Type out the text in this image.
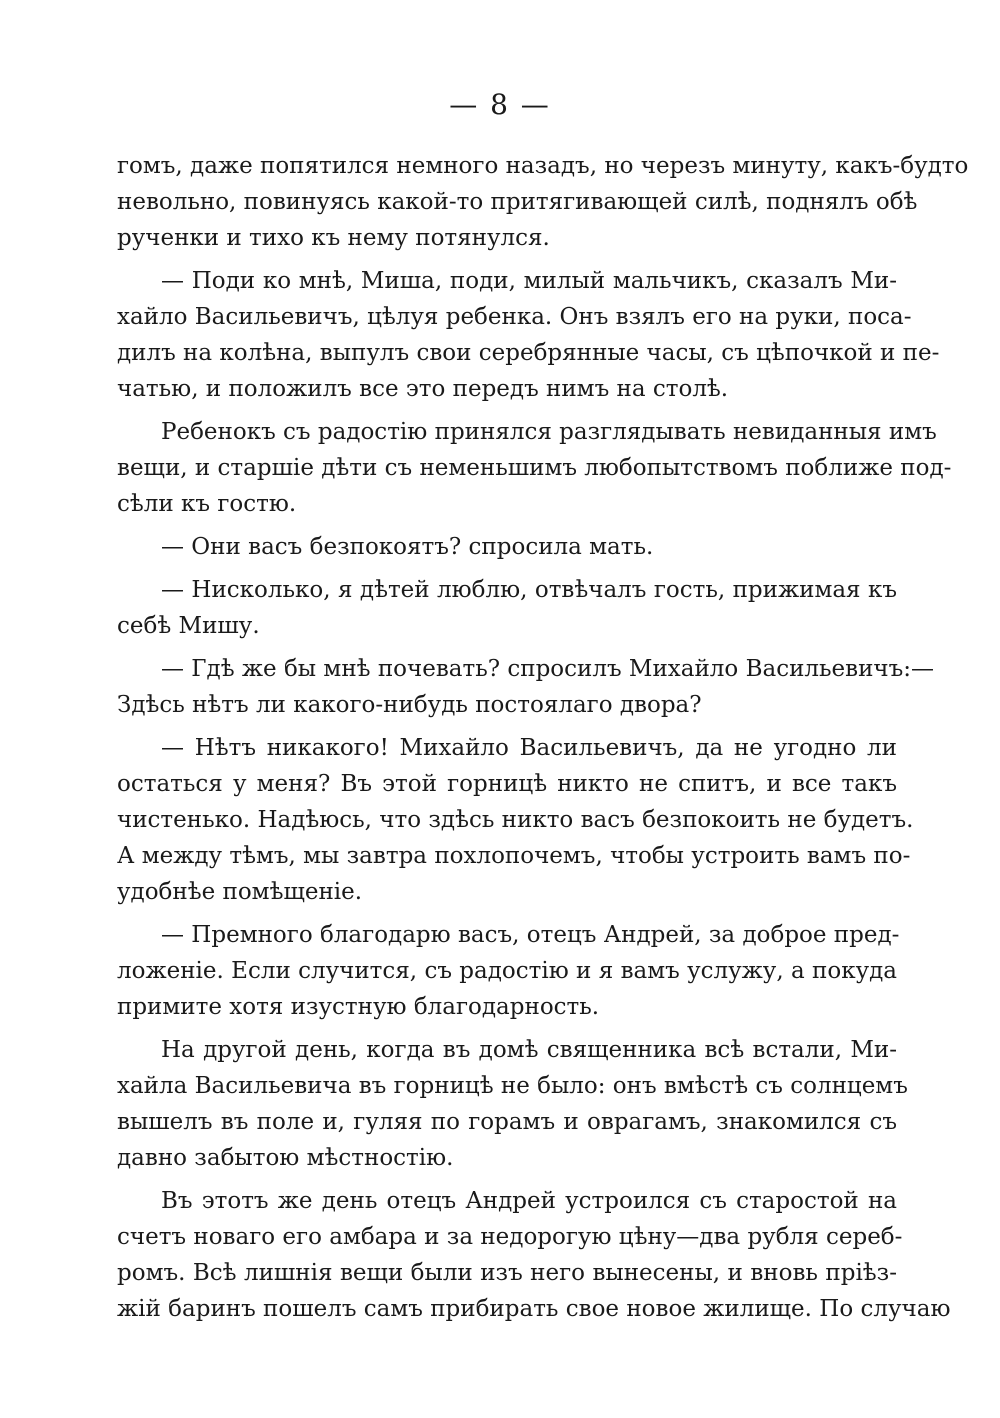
— 8 —
гомъ, даже попятился немного назадъ, но черезъ минуту, какъ-будто
невольно, повинуясь какой-то притягивающей силѣ, поднялъ обѣ
рученки и тихо къ нему потянулся.
— Поди ко мнѣ, Миша, поди, милый мальчикъ, сказалъ Ми-
хайло Васильевичъ, цѣлуя ребенка. Онъ взялъ его на руки, поса-
дилъ на колѣна, выпулъ свои серебрянные часы, съ цѣпочкой и пе-
чатью, и положилъ все это передъ нимъ на столѣ.
Ребенокъ съ радостію принялся разглядывать невиданныя имъ
вещи, и старшіе дѣти съ неменьшимъ любопытствомъ поближе под-
сѣли къ гостю.
— Они васъ безпокоятъ? спросила мать.
— Нисколько, я дѣтей люблю, отвѣчалъ гость, прижимая къ
себѣ Мишу.
— Гдѣ же бы мнѣ почевать? спросилъ Михайло Васильевичъ:—
Здѣсь нѣтъ ли какого-нибудь постоялаго двора?
— Нѣтъ никакого! Михайло Васильевичъ, да не угодно ли
остаться у меня? Въ этой горницѣ никто не спитъ, и все такъ
чистенько. Надѣюсь, что здѣсь никто васъ безпокоить не будетъ.
А между тѣмъ, мы завтра похлопочемъ, чтобы устроить вамъ по-
удобнѣе помѣщеніе.
— Премного благодарю васъ, отецъ Андрей, за доброе пред-
ложеніе. Если случится, съ радостію и я вамъ услужу, а покуда
примите хотя изустную благодарность.
На другой день, когда въ домѣ священника всѣ встали, Ми-
хайла Васильевича въ горницѣ не было: онъ вмѣстѣ съ солнцемъ
вышелъ въ поле и, гуляя по горамъ и оврагамъ, знакомился съ
давно забытою мѣстностію.
Въ этотъ же день отецъ Андрей устроился съ старостой на
счетъ новаго его амбара и за недорогую цѣну—два рубля сереб-
ромъ. Всѣ лишнія вещи были изъ него вынесены, и вновь пріѣз-
жій баринъ пошелъ самъ прибирать свое новое жилище. По случаю
